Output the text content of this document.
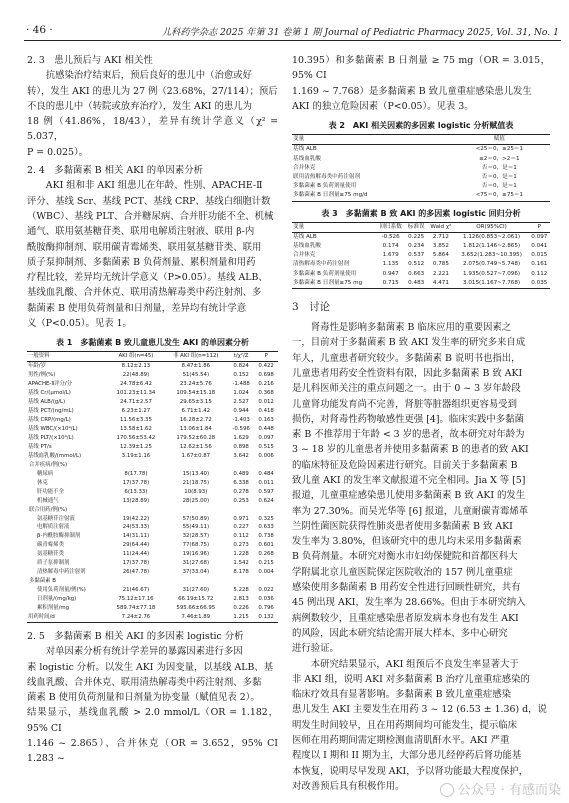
· 46 ·	儿科药学杂志 2025 年第 31 卷第 1 期 Journal of Pediatric Pharmacy 2025, Vol. 31, No. 1
2. 3　患儿预后与 AKI 相关性
抗感染治疗结束后，预后良好的患儿中（治愈或好
转），发生 AKI 的患儿为 27 例（23.68%，27/114）；预后
不良的患儿中（转院或放弃治疗），发生 AKI 的患儿为
18 例（41.86%，18/43），差异有统计学意义（χ² = 5.037，
P = 0.025）。
2. 4　多黏菌素 B 相关 AKI 的单因素分析
AKI 组和非 AKI 组患儿在年龄、性别、APACHE-Ⅱ
评分、基线 Scr、基线 PCT、基线 CRP、基线白细胞计数
（WBC）、基线 PLT、合并糖尿病、合并肝功能不全、机械
通气、联用氨基糖苷类、联用电解质注射液、联用 β-内
酰胺酶抑制剂、联用碳青霉烯类、联用氨基糖苷类、联用
质子泵抑制剂、多黏菌素 B 负荷剂量、累积剂量和用药
疗程比较，差异均无统计学意义（P>0.05）。基线 ALB、
基线血乳酸、合并休克、联用清热解毒类中药注射剂、多
黏菌素 B 使用负荷剂量和日剂量，差异均有统计学意
义（P<0.05）。见表 1。
表 1　多黏菌素 B 致儿童患儿发生 AKI 的单因素分析
一般资料	AKI 组(n=45)	非 AKI 组(n=112)	t/χ²/Z	P
年龄/岁	8.12±2.13	8.47±1.86	0.824	0.422
男性/例(%)	22(48.89)	51(45.54)	0.152	0.698
APACHE-Ⅱ评分/分	24.78±6.42	23.24±5.76	-1.488	0.216
基线 Cr/(μmol/L)	101.23±11.34	109.54±15.18	1.024	0.368
基线 ALB/(g/L)	24.71±2.57	29.65±3.15	2.527	0.012
基线 PCT/(ng/mL)	6.23±1.27	6.71±1.42	0.944	0.418
基线 CRP/(mg/L)	11.56±3.35	16.28±2.72	-1.403	0.163
基线 WBC/(×10⁹/L)	13.58±1.62	13.06±1.84	-0.596	0.448
基线 PLT/(×10⁹/L)	170.56±53.42	179.52±60.28	1.629	0.097
基线 PT/s	12.39±1.25	12.62±1.56	0.898	0.515
基线血乳酸/(mmol/L)	3.19±1.16	1.67±0.87	3.642	0.006
合并疾病/例(%)				
糖尿病	8(17.78)	15(13.40)	0.489	0.484
休克	17(37.78)	21(18.75)	6.338	0.011
肝功能不全	6(13.33)	10(8.93)	0.278	0.597
机械通气	13(28.89)	28(25.00)	0.253	0.624
联合用药/例(%)				
氨基糖苷注射液	19(42.22)	57(50.89)	0.971	0.325
电解质注射液	24(53.33)	55(49.11)	0.227	0.633
β-内酰胺酶抑制剂	14(31.11)	32(28.57)	0.112	0.738
碳青霉烯类	29(64.44)	77(68.75)	0.273	0.601
氨基糖苷类	11(24.44)	19(16.96)	1.228	0.268
质子泵抑制剂	17(37.78)	31(27.68)	1.542	0.215
清热解毒中药注射剂	26(47.78)	37(33.04)	8.178	0.004
多黏菌素 B				
使用负荷剂量/例(%)	21(46.67)	31(27.60)	5.228	0.022
日剂量/(mg/kg)	75.12±17.16	66.19±15.72	2.813	0.036
累积剂量/mg	589.74±77.18	595.66±66.95	0.226	0.796
用药时间/d	7.24±2.76	7.46±1.89	1.215	0.132
2. 5　多黏菌素 B 相关 AKI 的多因素 logistic 分析
对单因素分析有统计学差异的暴露因素进行多因
素 logistic 分析。以发生 AKI 为因变量，以基线 ALB、基
线血乳酸、合并休克、联用清热解毒类中药注射剂、多黏
菌素 B 使用负荷剂量和日剂量为协变量（赋值见表 2）。
结果显示，基线血乳酸 > 2.0 mmol/L（OR = 1.182，95% CI
1.146 ~ 2.865）、合并休克（OR = 3.652，95% CI 1.283 ~
10.395）和多黏菌素 B 日剂量 ≥ 75 mg（OR = 3.015，95% CI
1.169 ~ 7.768）是多黏菌素 B 致儿童重症感染患儿发生
AKI 的独立危险因素（P<0.05）。见表 3。
表 2　AKI 相关因素的多因素 logistic 分析赋值表
变量	赋值
基线 ALB	<25＝0，≥25＝1
基线血乳酸	≤2＝0，>2＝1
合并休克	否＝0，是＝1
联用清热解毒类中药注射剂	否＝0，是＝1
多黏菌素 B 负荷剂量使用	否＝0，是＝1
多黏菌素 B 日剂量≥75 mg/d	<75＝0，≥75＝1
表 3　多黏菌素 B 致 AKI 的多因素 logistic 回归分析
变量	回归系数	标准误	Wald χ²	OR(95%CI)	P
基线 ALB	-0.526	0.225	2.712	1.126(0.853~2.061)	0.097
基线血乳酸	0.174	0.234	3.852	1.812(1.146~2.865)	0.041
合并休克	1.679	0.537	5.864	3.652(1.283~10.395)	0.015
清热解毒类中药注射剂	1.135	0.512	0.785	2.075(0.749~5.748)	0.161
多黏菌素 B 负荷剂量使用	0.947	0.663	2.221	1.935(0.527~7.096)	0.112
多黏菌素 B 日剂量≥75 mg	0.715	0.483	4.471	3.015(1.167~7.768)	0.035
3　讨论
肾毒性是影响多黏菌素 B 临床应用的重要因素之
一，目前对于多黏菌素 B 致 AKI 发生率的研究多来自成
年人，儿童患者研究较少。多黏菌素 B 说明书也指出，
儿童患者用药安全性资料有限，因此多黏菌素 B 致 AKI
是儿科医师关注的重点问题之一。由于 0 ~ 3 岁年龄段
儿童肾功能发育尚不完善，肾脏等脏器组织更容易受到
损伤，对肾毒性药物敏感性更强 [4]。临床实践中多黏菌
素 B 不推荐用于年龄 < 3 岁的患者，故本研究对年龄为
3 ~ 18 岁的儿童患者并使用多黏菌素 B 的患者的致 AKI
的临床特征及危险因素进行研究。目前关于多黏菌素 B
致儿童 AKI 的发生率文献报道不完全相同。Jia X 等 [5]
报道，儿童重症感染患儿使用多黏菌素 B 致 AKI 的发生
率为 27.30%。而吴光华等 [6] 报道，儿童耐碳青霉烯革
兰阴性菌医院获得性肺炎患者使用多黏菌素 B 致 AKI
发生率为 3.80%，但该研究中的患儿均未采用多黏菌素
B 负荷剂量。本研究对衡水市妇幼保健院和首都医科大
学附属北京儿童医院保定医院收治的 157 例儿童重症
感染使用多黏菌素 B 用药安全性进行回顾性研究，共有
45 例出现 AKI，发生率为 28.66%。但由于本研究纳入
病例数较少，且重症感染患者原发病本身也有发生 AKI
的风险，因此本研究结论需开展大样本、多中心研究
进行验证。
本研究结果显示，AKI 组预后不良发生率显著大于
非 AKI 组，说明 AKI 对多黏菌素 B 治疗儿童重症感染的
临床疗效具有显著影响。多黏菌素 B 致儿童重症感染
患儿发生 AKI 主要发生在用药 3 ~ 12 (6.53 ± 1.36) d，说
明发生时间较早，且在用药期间均可能发生，提示临床
医师在用药期间需定期检测血清肌酐水平。AKI 严重
程度以 I 期和 II 期为主，大部分患儿经停药后肾功能基
本恢复，说明尽早发现 AKI，予以肾功能最大程度保护，
对改善预后具有积极作用。	公众号 · 有感而染
